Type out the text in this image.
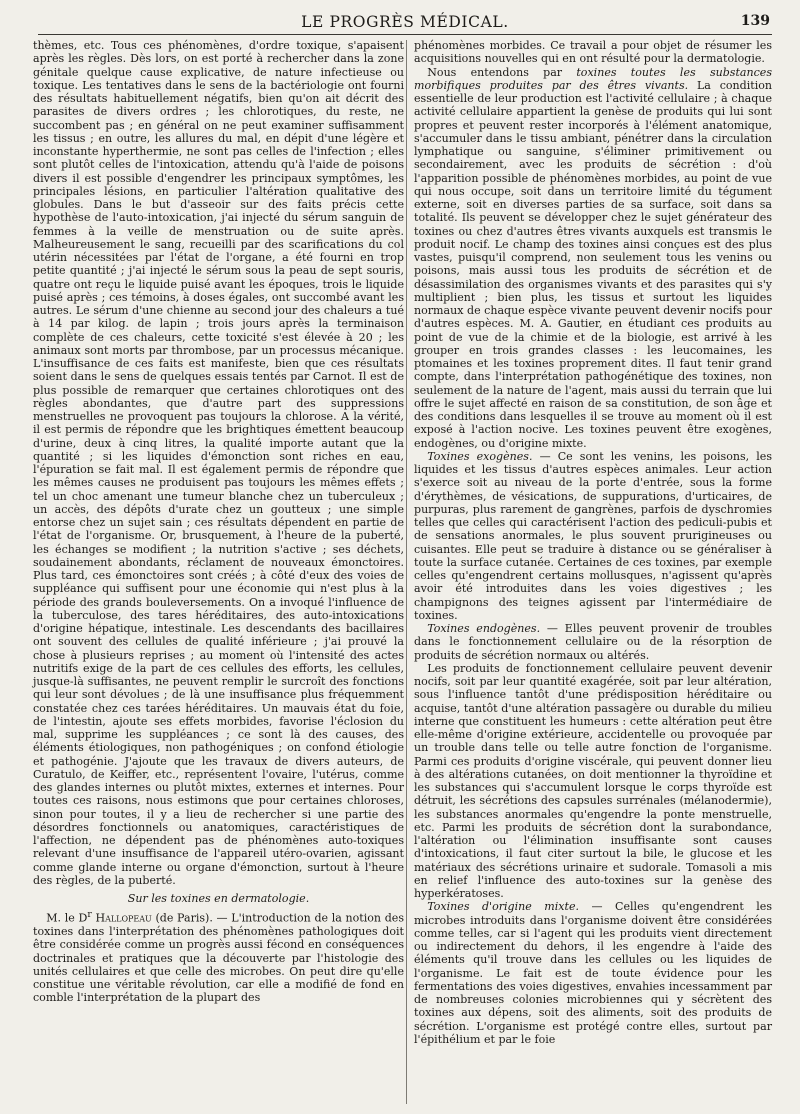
LE PROGRÈS MÉDICAL.	139

thèmes, etc. Tous ces phénomènes, d'ordre toxique, s'apaisent après les règles. Dès lors, on est porté à rechercher dans la zone génitale quelque cause explicative, de nature infectieuse ou toxique. Les tentatives dans le sens de la bactériologie ont fourni des résultats habituellement négatifs, bien qu'on ait décrit des parasites de divers ordres ; les chlorotiques, du reste, ne succombent pas ; en général on ne peut examiner suffisamment les tissus ; en outre, les allures du mal, en dépit d'une légère et inconstante hyperthermie, ne sont pas celles de l'infection ; elles sont plutôt celles de l'intoxication, attendu qu'à l'aide de poisons divers il est possible d'engendrer les principaux symptômes, les principales lésions, en particulier l'altération qualitative des globules. Dans le but d'asseoir sur des faits précis cette hypothèse de l'auto-intoxication, j'ai injecté du sérum sanguin de femmes à la veille de menstruation ou de suite après. Malheureusement le sang, recueilli par des scarifications du col utérin nécessitées par l'état de l'organe, a été fourni en trop petite quantité ; j'ai injecté le sérum sous la peau de sept souris, quatre ont reçu le liquide puisé avant les époques, trois le liquide puisé après ; ces témoins, à doses égales, ont succombé avant les autres. Le sérum d'une chienne au second jour des chaleurs a tué à 14 par kilog. de lapin ; trois jours après la terminaison complète de ces chaleurs, cette toxicité s'est élevée à 20 ; les animaux sont morts par thrombose, par un processus mécanique. L'insuffisance de ces faits est manifeste, bien que ces résultats soient dans le sens de quelques essais tentés par Carnot. Il est de plus possible de remarquer que certaines chlorotiques ont des règles abondantes, que d'autre part des suppressions menstruelles ne provoquent pas toujours la chlorose. A la vérité, il est permis de répondre que les brightiques émettent beaucoup d'urine, deux à cinq litres, la qualité importe autant que la quantité ; si les liquides d'émonction sont riches en eau, l'épuration se fait mal. Il est également permis de répondre que les mêmes causes ne produisent pas toujours les mêmes effets ; tel un choc amenant une tumeur blanche chez un tuberculeux ; un accès, des dépôts d'urate chez un goutteux ; une simple entorse chez un sujet sain ; ces résultats dépendent en partie de l'état de l'organisme. Or, brusquement, à l'heure de la puberté, les échanges se modifient ; la nutrition s'active ; ses déchets, soudainement abondants, réclament de nouveaux émonctoires. Plus tard, ces émonctoires sont créés ; à côté d'eux des voies de suppléance qui suffisent pour une économie qui n'est plus à la période des grands bouleversements. On a invoqué l'influence de la tuberculose, des tares héréditaires, des auto-intoxications d'origine hépatique, intestinale. Les descendants des bacillaires ont souvent des cellules de qualité inférieure ; j'ai prouvé la chose à plusieurs reprises ; au moment où l'intensité des actes nutritifs exige de la part de ces cellules des efforts, les cellules, jusque-là suffisantes, ne peuvent remplir le surcroît des fonctions qui leur sont dévolues ; de là une insuffisance plus fréquemment constatée chez ces tarées héréditaires. Un mauvais état du foie, de l'intestin, ajoute ses effets morbides, favorise l'éclosion du mal, supprime les suppléances ; ce sont là des causes, des éléments étiologiques, non pathogéniques ; on confond étiologie et pathogénie. J'ajoute que les travaux de divers auteurs, de Curatulo, de Keiffer, etc., représentent l'ovaire, l'utérus, comme des glandes internes ou plutôt mixtes, externes et internes. Pour toutes ces raisons, nous estimons que pour certaines chloroses, sinon pour toutes, il y a lieu de rechercher si une partie des désordres fonctionnels ou anatomiques, caractéristiques de l'affection, ne dépendent pas de phénomènes auto-toxiques relevant d'une insuffisance de l'appareil utéro-ovarien, agissant comme glande interne ou organe d'émonction, surtout à l'heure des règles, de la puberté.

Sur les toxines en dermatologie.

M. le $D^r$ Hallopeau (de Paris). — L'introduction de la notion des toxines dans l'interprétation des phénomènes pathologiques doit être considérée comme un progrès aussi fécond en conséquences doctrinales et pratiques que la découverte par l'histologie des unités cellulaires et que celle des microbes. On peut dire qu'elle constitue une véritable révolution, car elle a modifié de fond en comble l'interprétation de la plupart des

phénomènes morbides. Ce travail a pour objet de résumer les acquisitions nouvelles qui en ont résulté pour la dermatologie.

Nous entendons par toxines toutes les substances morbifiques produites par des êtres vivants. La condition essentielle de leur production est l'activité cellulaire ; à chaque activité cellulaire appartient la genèse de produits qui lui sont propres et peuvent rester incorporés à l'élément anatomique, s'accumuler dans le tissu ambiant, pénétrer dans la circulation lymphatique ou sanguine, s'éliminer primitivement ou secondairement, avec les produits de sécrétion : d'où l'apparition possible de phénomènes morbides, au point de vue qui nous occupe, soit dans un territoire limité du tégument externe, soit en diverses parties de sa surface, soit dans sa totalité. Ils peuvent se développer chez le sujet générateur des toxines ou chez d'autres êtres vivants auxquels est transmis le produit nocif. Le champ des toxines ainsi conçues est des plus vastes, puisqu'il comprend, non seulement tous les venins ou poisons, mais aussi tous les produits de sécrétion et de désassimilation des organismes vivants et des parasites qui s'y multiplient ; bien plus, les tissus et surtout les liquides normaux de chaque espèce vivante peuvent devenir nocifs pour d'autres espèces. M. A. Gautier, en étudiant ces produits au point de vue de la chimie et de la biologie, est arrivé à les grouper en trois grandes classes : les leucomaines, les ptomaines et les toxines proprement dites. Il faut tenir grand compte, dans l'interprétation pathogénétique des toxines, non seulement de la nature de l'agent, mais aussi du terrain que lui offre le sujet affecté en raison de sa constitution, de son âge et des conditions dans lesquelles il se trouve au moment où il est exposé à l'action nocive. Les toxines peuvent être exogènes, endogènes, ou d'origine mixte.

Toxines exogènes. — Ce sont les venins, les poisons, les liquides et les tissus d'autres espèces animales. Leur action s'exerce soit au niveau de la porte d'entrée, sous la forme d'érythèmes, de vésications, de suppurations, d'urticaires, de purpuras, plus rarement de gangrènes, parfois de dyschromies telles que celles qui caractérisent l'action des pediculi-pubis et de sensations anormales, le plus souvent prurigineuses ou cuisantes. Elle peut se traduire à distance ou se généraliser à toute la surface cutanée. Certaines de ces toxines, par exemple celles qu'engendrent certains mollusques, n'agissent qu'après avoir été introduites dans les voies digestives ; les champignons des teignes agissent par l'intermédiaire de toxines.

Toxines endogènes. — Elles peuvent provenir de troubles dans le fonctionnement cellulaire ou de la résorption de produits de sécrétion normaux ou altérés.

Les produits de fonctionnement cellulaire peuvent devenir nocifs, soit par leur quantité exagérée, soit par leur altération, sous l'influence tantôt d'une prédisposition héréditaire ou acquise, tantôt d'une altération passagère ou durable du milieu interne que constituent les humeurs : cette altération peut être elle-même d'origine extérieure, accidentelle ou provoquée par un trouble dans telle ou telle autre fonction de l'organisme. Parmi ces produits d'origine viscérale, qui peuvent donner lieu à des altérations cutanées, on doit mentionner la thyroïdine et les substances qui s'accumulent lorsque le corps thyroïde est détruit, les sécrétions des capsules surrénales (mélanodermie), les substances anormales qu'engendre la ponte menstruelle, etc. Parmi les produits de sécrétion dont la surabondance, l'altération ou l'élimination insuffisante sont causes d'intoxications, il faut citer surtout la bile, le glucose et les matériaux des sécrétions urinaire et sudorale. Tomasoli a mis en relief l'influence des auto-toxines sur la genèse des hyperkératoses.

Toxines d'origine mixte. — Celles qu'engendrent les microbes introduits dans l'organisme doivent être considérées comme telles, car si l'agent qui les produits vient directement ou indirectement du dehors, il les engendre à l'aide des éléments qu'il trouve dans les cellules ou les liquides de l'organisme. Le fait est de toute évidence pour les fermentations des voies digestives, envahies incessamment par de nombreuses colonies microbiennes qui y sécrètent des toxines aux dépens, soit des aliments, soit des produits de sécrétion. L'organisme est protégé contre elles, surtout par l'épithélium et par le foie
